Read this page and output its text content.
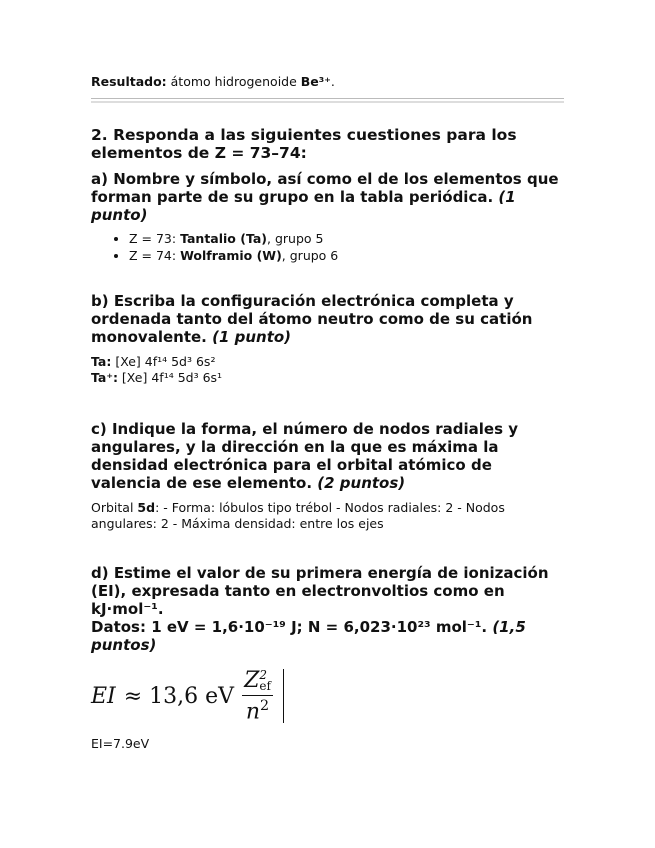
Resultado: átomo hidrogenoide Be³⁺.
2. Responda a las siguientes cuestiones para los elementos de Z = 73–74:
a) Nombre y símbolo, así como el de los elementos que forman parte de su grupo en la tabla periódica. (1 punto)
• Z = 73: Tantalio (Ta), grupo 5
• Z = 74: Wolframio (W), grupo 6
b) Escriba la configuración electrónica completa y ordenada tanto del átomo neutro como de su catión monovalente. (1 punto)
Ta: [Xe] 4f¹⁴ 5d³ 6s²
Ta⁺: [Xe] 4f¹⁴ 5d³ 6s¹
c) Indique la forma, el número de nodos radiales y angulares, y la dirección en la que es máxima la densidad electrónica para el orbital atómico de valencia de ese elemento. (2 puntos)
Orbital 5d: - Forma: lóbulos tipo trébol - Nodos radiales: 2 - Nodos angulares: 2 - Máxima densidad: entre los ejes
d) Estime el valor de su primera energía de ionización (EI), expresada tanto en electronvoltios como en kJ·mol⁻¹.
Datos: 1 eV = 1,6·10⁻¹⁹ J; N = 6,023·10²³ mol⁻¹. (1,5 puntos)
EI ≈ 13,6 eV Z 2
ef
$n^2$
EI=7.9eV
